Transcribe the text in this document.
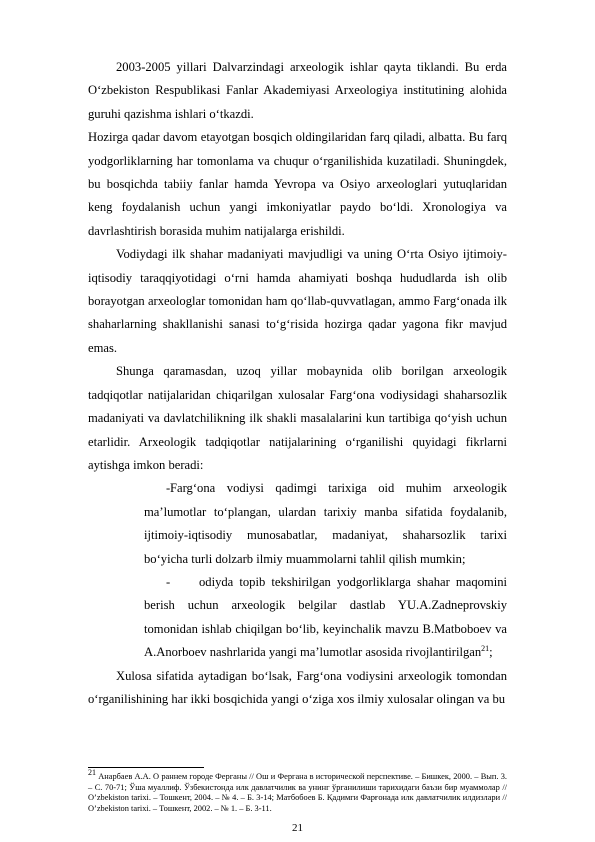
2003-2005 yillari Dalvarzindagi arxeologik ishlar qayta tiklandi. Bu erda O‘zbekiston Respublikasi Fanlar Akademiyasi Arxeologiya institutining alohida guruhi qazishma ishlari o‘tkazdi.

Hozirga qadar davom etayotgan bosqich oldingilaridan farq qiladi, albatta. Bu farq yodgorliklarning har tomonlama va chuqur o‘rganilishida kuzatiladi. Shuningdek, bu bosqichda tabiiy fanlar hamda Yevropa va Osiyo arxeologlari yutuqlaridan keng foydalanish uchun yangi imkoniyatlar paydo bo‘ldi. Xronologiya va davrlashtirish borasida muhim natijalarga erishildi.

Vodiydagi ilk shahar madaniyati mavjudligi va uning O‘rta Osiyo ijtimoiy-iqtisodiy taraqqiyotidagi o‘rni hamda ahamiyati boshqa hududlarda ish olib borayotgan arxeologlar tomonidan ham qo‘llab-quvvatlagan, ammo Farg‘onada ilk shaharlarning shakllanishi sanasi to‘g‘risida hozirga qadar yagona fikr mavjud emas.

Shunga qaramasdan, uzoq yillar mobaynida olib borilgan arxeologik tadqiqotlar natijalaridan chiqarilgan xulosalar Farg‘ona vodiysidagi shaharsozlik madaniyati va davlatchilikning ilk shakli masalalarini kun tartibiga qo‘yish uchun etarlidir. Arxeologik tadqiqotlar natijalarining o‘rganilishi quyidagi fikrlarni aytishga imkon beradi:

- Farg‘ona vodiysi qadimgi tarixiga oid muhim arxeologik ma’lumotlar to‘plangan, ulardan tarixiy manba sifatida foydalanib, ijtimoiy-iqtisodiy munosabatlar, madaniyat, shaharsozlik tarixi bo‘yicha turli dolzarb ilmiy muammolarni tahlil qilish mumkin;

-	odiyda topib tekshirilgan yodgorliklarga shahar maqomini berish uchun arxeologik belgilar dastlab YU.A.Zadneprovskiy tomonidan ishlab chiqilgan bo‘lib, keyinchalik mavzu B.Matboboev va A.Anorboev nashrlarida yangi ma’lumotlar asosida rivojlantirilgan$^{21}$;

Xulosa sifatida aytadigan bo‘lsak, Farg‘ona vodiysini arxeologik tomondan o‘rganilishining har ikki bosqichida yangi o‘ziga xos ilmiy xulosalar olingan va bu

$^{21}$ Анарбаев А.А. О раннем городе Ферганы // Ош и Фергана в исторической перспективе. – Бишкек, 2000. – Вып. 3. – С. 70-71; Ўша муаллиф. Ўзбекистонда илк давлатчилик ва унинг ўрганилиши тарихидаги баъзи бир муаммолар // O’zbekiston tarixi. – Тошкент, 2004. – № 4. – Б. 3-14; Матбобоев Б. Қадимги Фарғонада илк давлатчилик илдизлари // O’zbekiston tarixi. – Тошкент, 2002. – № 1. – Б. 3-11.
21
